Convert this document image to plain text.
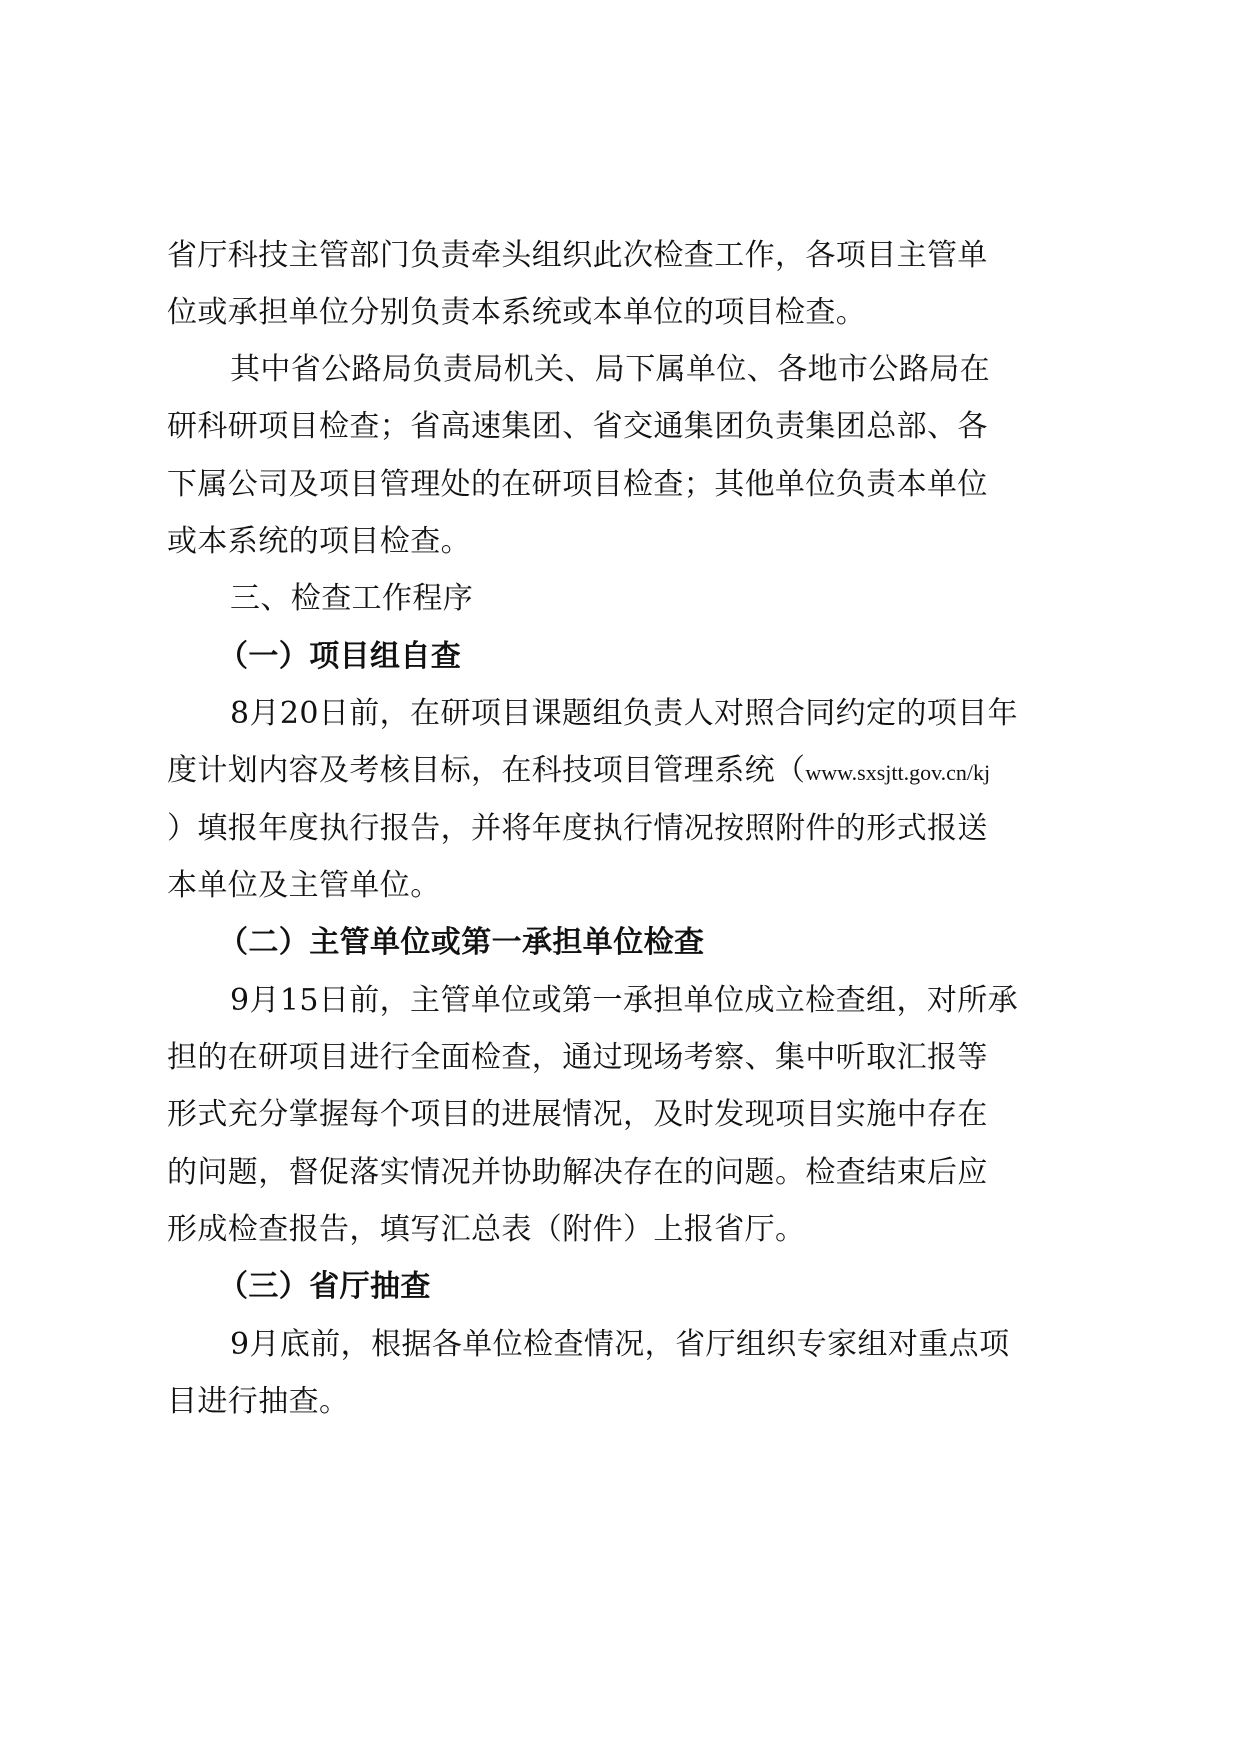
省厅科技主管部门负责牵头组织此次检查工作，各项目主管单
位或承担单位分别负责本系统或本单位的项目检查。
其中省公路局负责局机关、局下属单位、各地市公路局在
研科研项目检查；省高速集团、省交通集团负责集团总部、各
下属公司及项目管理处的在研项目检查；其他单位负责本单位
或本系统的项目检查。
三、检查工作程序
（一）项目组自查
8月20日前，在研项目课题组负责人对照合同约定的项目年
度计划内容及考核目标，在科技项目管理系统（www.sxsjtt.gov.cn/kj
）填报年度执行报告，并将年度执行情况按照附件的形式报送
本单位及主管单位。
（二）主管单位或第一承担单位检查
9月15日前，主管单位或第一承担单位成立检查组，对所承
担的在研项目进行全面检查，通过现场考察、集中听取汇报等
形式充分掌握每个项目的进展情况，及时发现项目实施中存在
的问题，督促落实情况并协助解决存在的问题。检查结束后应
形成检查报告，填写汇总表（附件）上报省厅。
（三）省厅抽查
9月底前，根据各单位检查情况，省厅组织专家组对重点项
目进行抽查。
